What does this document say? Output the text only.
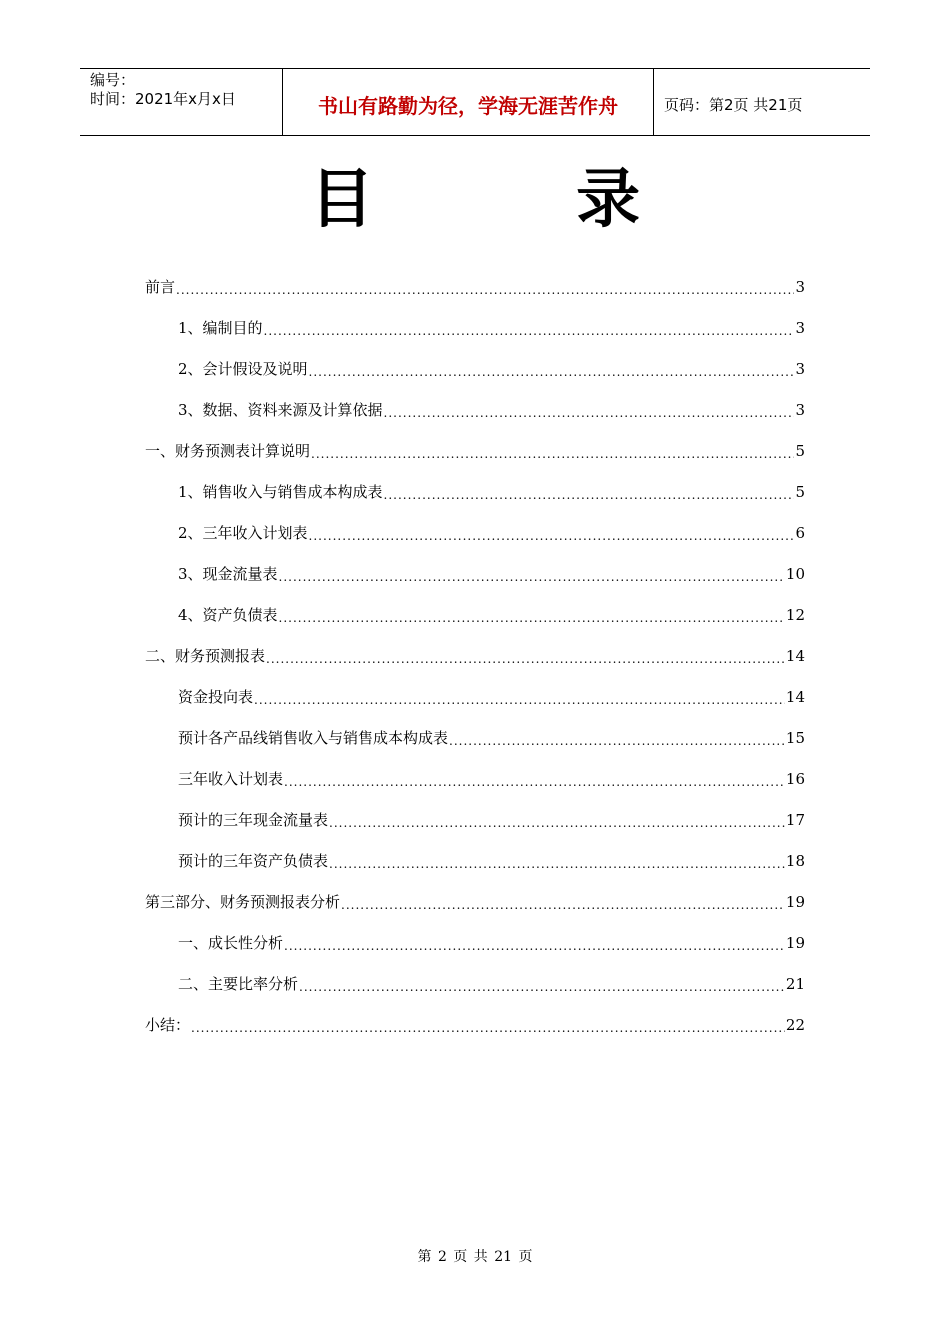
编号：
时间：2021年x月x日	书山有路勤为径，学海无涯苦作舟	页码：第2页 共21页
目 录
前言 .....	3
1、编制目的 .....	3
2、会计假设及说明 .....	3
3、数据、资料来源及计算依据 .....	3
一、财务预测表计算说明 .....	5
1、销售收入与销售成本构成表 .....	5
2、三年收入计划表 .....	6
3、现金流量表 .....	10
4、资产负债表 .....	12
二、财务预测报表 .....	14
资金投向表 .....	14
预计各产品线销售收入与销售成本构成表 .....	15
三年收入计划表 .....	16
预计的三年现金流量表 .....	17
预计的三年资产负债表 .....	18
第三部分、财务预测报表分析 .....	19
一、成长性分析 .....	19
二、主要比率分析 .....	21
小结： .....	22
第 2 页 共 21 页
